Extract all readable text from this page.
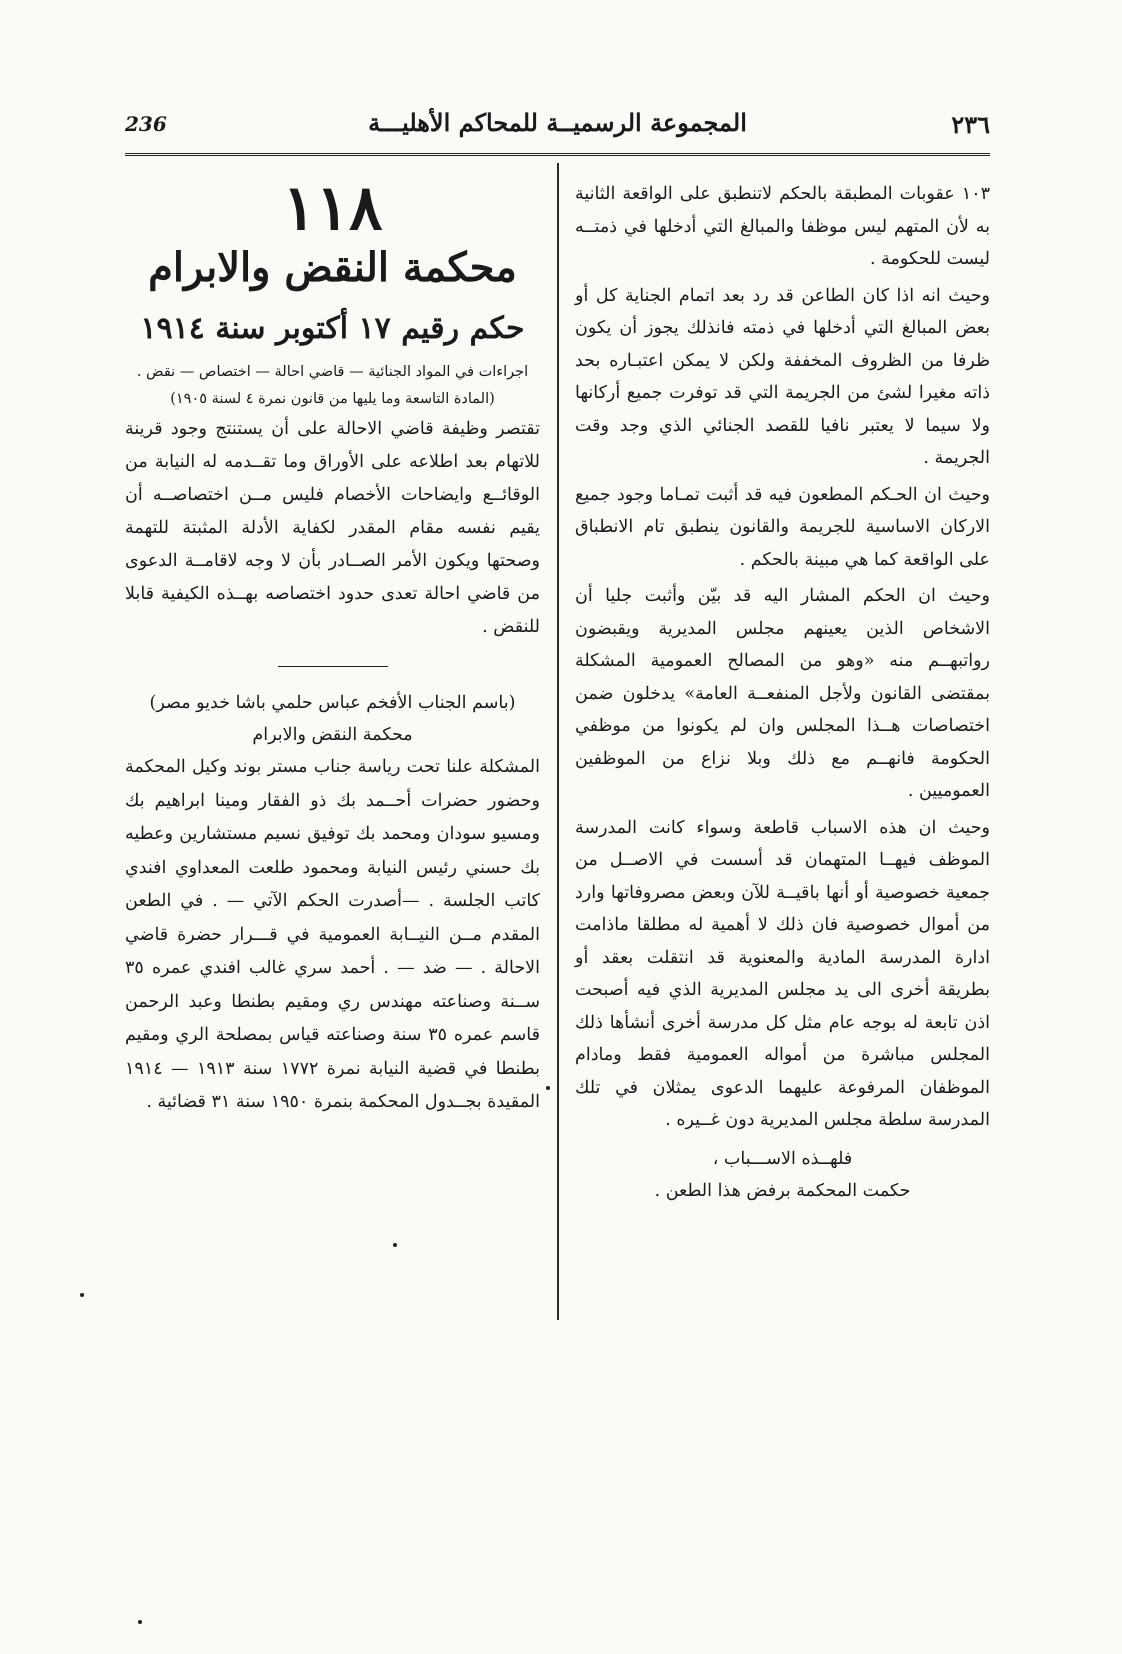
٢٣٦
المجموعة الرسميــة للمحاكم الأهليـــة
236

١٠٣ عقوبات المطبقة بالحكم لاتنطبق على الواقعة الثانية به لأن المتهم ليس موظفا والمبالغ التي أدخلها في ذمتــه ليست للحكومة .

وحيث انه اذا كان الطاعن قد رد بعد اتمام الجناية كل أو بعض المبالغ التي أدخلها في ذمته فانذلك يجوز أن يكون ظرفا من الظروف المخففة ولكن لا يمكن اعتبـاره بحد ذاته مغيرا لشئ من الجريمة التي قد توفرت جميع أركانها ولا سيما لا يعتبر نافيا للقصد الجنائي الذي وجد وقت الجريمة .

وحيث ان الحـكم المطعون فيه قد أثبت تمـاما وجود جميع الاركان الاساسية للجريمة والقانون ينطبق تام الانطباق على الواقعة كما هي مبينة بالحكم .

وحيث ان الحكم المشار اليه قد بيّن وأثبت جليا أن الاشخاص الذين يعينهم مجلس المديرية ويقبضون رواتبهــم منه «وهو من المصالح العمومية المشكلة بمقتضى القانون ولأجل المنفعــة العامة» يدخلون ضمن اختصاصات هــذا المجلس وان لم يكونوا من موظفي الحكومة فانهــم مع ذلك وبلا نزاع من الموظفين العموميين .

وحيث ان هذه الاسباب قاطعة وسواء كانت المدرسة الموظف فيهــا المتهمان قد أسست في الاصــل من جمعية خصوصية أو أنها باقيــة للآن وبعض مصروفاتها وارد من أموال خصوصية فان ذلك لا أهمية له مطلقا ماذامت ادارة المدرسة المادية والمعنوية قد انتقلت بعقد أو بطريقة أخرى الى يد مجلس المديرية الذي فيه أصبحت اذن تابعة له بوجه عام مثل كل مدرسة أخرى أنشأها ذلك المجلس مباشرة من أمواله العمومية فقط ومادام الموظفان المرفوعة عليهما الدعوى يمثلان في تلك المدرسة سلطة مجلس المديرية دون غــيره .

فلهــذه الاســـباب ،

حكمت المحكمة برفض هذا الطعن .

١١٨
محكمة النقض والابرام
حكم رقيم ١٧ أكتوبر سنة ١٩١٤
اجراءات في المواد الجنائية — قاضي احالة — اختصاص — نقض .
(المادة التاسعة وما يليها من قانون نمرة ٤ لسنة ١٩٠٥)

تقتصر وظيفة قاضي الاحالة على أن يستنتج وجود قرينة للاتهام بعد اطلاعه على الأوراق وما تقــدمه له النيابة من الوقائــع وايضاحات الأخصام فليس مــن اختصاصــه أن يقيم نفسه مقام المقدر لكفاية الأدلة المثبتة للتهمة وصحتها ويكون الأمر الصــادر بأن لا وجه لاقامــة الدعوى من قاضي احالة تعدى حدود اختصاصه بهــذه الكيفية قابلا للنقض .

(باسم الجناب الأفخم عباس حلمي باشا خديو مصر)

محكمة النقض والابرام

المشكلة علنا تحت رياسة جناب مستر بوند وكيل المحكمة وحضور حضرات أحــمد بك ذو الفقار ومينا ابراهيم بك ومسيو سودان ومحمد بك توفيق نسيم مستشارين وعطيه بك حسني رئيس النيابة ومحمود طلعت المعداوي افندي كاتب الجلسة . —أصدرت الحكم الآتي — . في الطعن المقدم مــن النيــابة العمومية في قـــرار حضرة قاضي الاحالة . — ضد — . أحمد سري غالب افندي عمره ٣٥ ســنة وصناعته مهندس ري ومقيم بطنطا وعبد الرحمن قاسم عمره ٣٥ سنة وصناعته قياس بمصلحة الري ومقيم بطنطا في قضية النيابة نمرة ١٧٧٢ سنة ١٩١٣ — ١٩١٤ المقيدة بجــدول المحكمة بنمرة ١٩٥٠ سنة ٣١ قضائية .
